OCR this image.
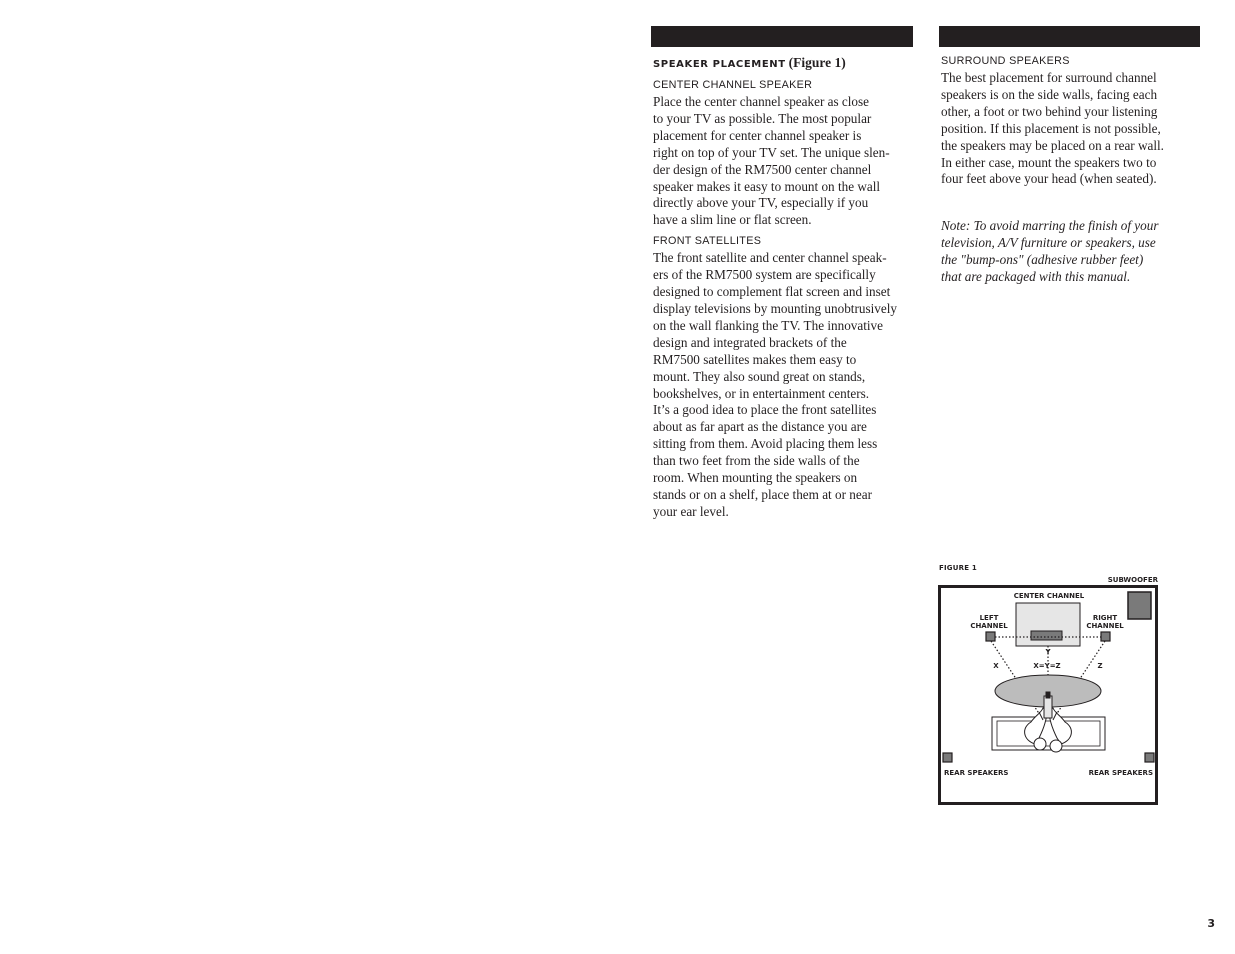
SPEAKER PLACEMENT (Figure 1)
CENTER CHANNEL SPEAKER

Place the center channel speaker as close
to your TV as possible. The most popular
placement for center channel speaker is
right on top of your TV set. The unique slen-
der design of the RM7500 center channel
speaker makes it easy to mount on the wall
directly above your TV, especially if you
have a slim line or flat screen.

FRONT SATELLITES

The front satellite and center channel speak-
ers of the RM7500 system are specifically
designed to complement flat screen and inset
display televisions by mounting unobtrusively
on the wall flanking the TV. The innovative
design and integrated brackets of the
RM7500 satellites makes them easy to
mount. They also sound great on stands,
bookshelves, or in entertainment centers.
It’s a good idea to place the front satellites
about as far apart as the distance you are
sitting from them. Avoid placing them less
than two feet from the side walls of the
room. When mounting the speakers on
stands or on a shelf, place them at or near
your ear level.

SURROUND SPEAKERS

The best placement for surround channel
speakers is on the side walls, facing each
other, a foot or two behind your listening
position. If this placement is not possible,
the speakers may be placed on a rear wall.
In either case, mount the speakers two to
four feet above your head (when seated).

Note: To avoid marring the finish of your
television, A/V furniture or speakers, use
the "bump-ons" (adhesive rubber feet)
that are packaged with this manual.

FIGURE 1
SUBWOOFER
CENTER CHANNEL
LEFT
CHANNEL
RIGHT
CHANNEL
Y
X	X=Y=Z	Z
REAR SPEAKERS	REAR SPEAKERS
3
